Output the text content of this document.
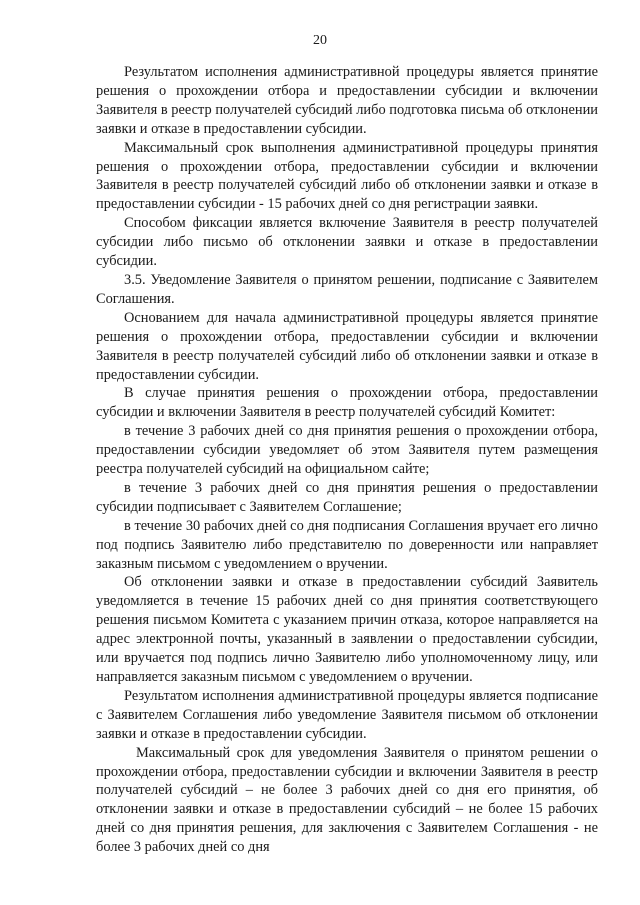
20

Результатом исполнения административной процедуры является принятие решения о прохождении отбора и предоставлении субсидии и включении Заявителя в реестр получателей субсидий либо подготовка письма об отклонении заявки и отказе в предоставлении субсидии.

Максимальный срок выполнения административной процедуры принятия решения о прохождении отбора, предоставлении субсидии и включении Заявителя в реестр получателей субсидий либо об отклонении заявки и отказе в предоставлении субсидии - 15 рабочих дней со дня регистрации заявки.

Способом фиксации является включение Заявителя в реестр получателей субсидии либо письмо об отклонении заявки и отказе в предоставлении субсидии.

3.5. Уведомление Заявителя о принятом решении, подписание с Заявителем Соглашения.

Основанием для начала административной процедуры является принятие решения о прохождении отбора, предоставлении субсидии и включении Заявителя в реестр получателей субсидий либо об отклонении заявки и отказе в предоставлении субсидии.

В случае принятия решения о прохождении отбора, предоставлении субсидии и включении Заявителя в реестр получателей субсидий Комитет:

в течение 3 рабочих дней со дня принятия решения о прохождении отбора, предоставлении субсидии уведомляет об этом Заявителя путем размещения реестра получателей субсидий на официальном сайте;

в течение 3 рабочих дней со дня принятия решения о предоставлении субсидии подписывает с Заявителем Соглашение;

в течение 30 рабочих дней со дня подписания Соглашения вручает его лично под подпись Заявителю либо представителю по доверенности или направляет заказным письмом с уведомлением о вручении.

Об отклонении заявки и отказе в предоставлении субсидий Заявитель уведомляется в течение 15 рабочих дней со дня принятия соответствующего решения письмом Комитета с указанием причин отказа, которое направляется на адрес электронной почты, указанный в заявлении о предоставлении субсидии, или вручается под подпись лично Заявителю либо уполномоченному лицу, или направляется заказным письмом с уведомлением о вручении.

Результатом исполнения административной процедуры является подписание с Заявителем Соглашения либо уведомление Заявителя письмом об отклонении заявки и отказе в предоставлении субсидии.

Максимальный срок для уведомления Заявителя о принятом решении о прохождении отбора, предоставлении субсидии и включении Заявителя в реестр получателей субсидий – не более 3 рабочих дней со дня его принятия, об отклонении заявки и отказе в предоставлении субсидий – не более 15 рабочих дней со дня принятия решения, для заключения с Заявителем Соглашения - не более 3 рабочих дней со дня
